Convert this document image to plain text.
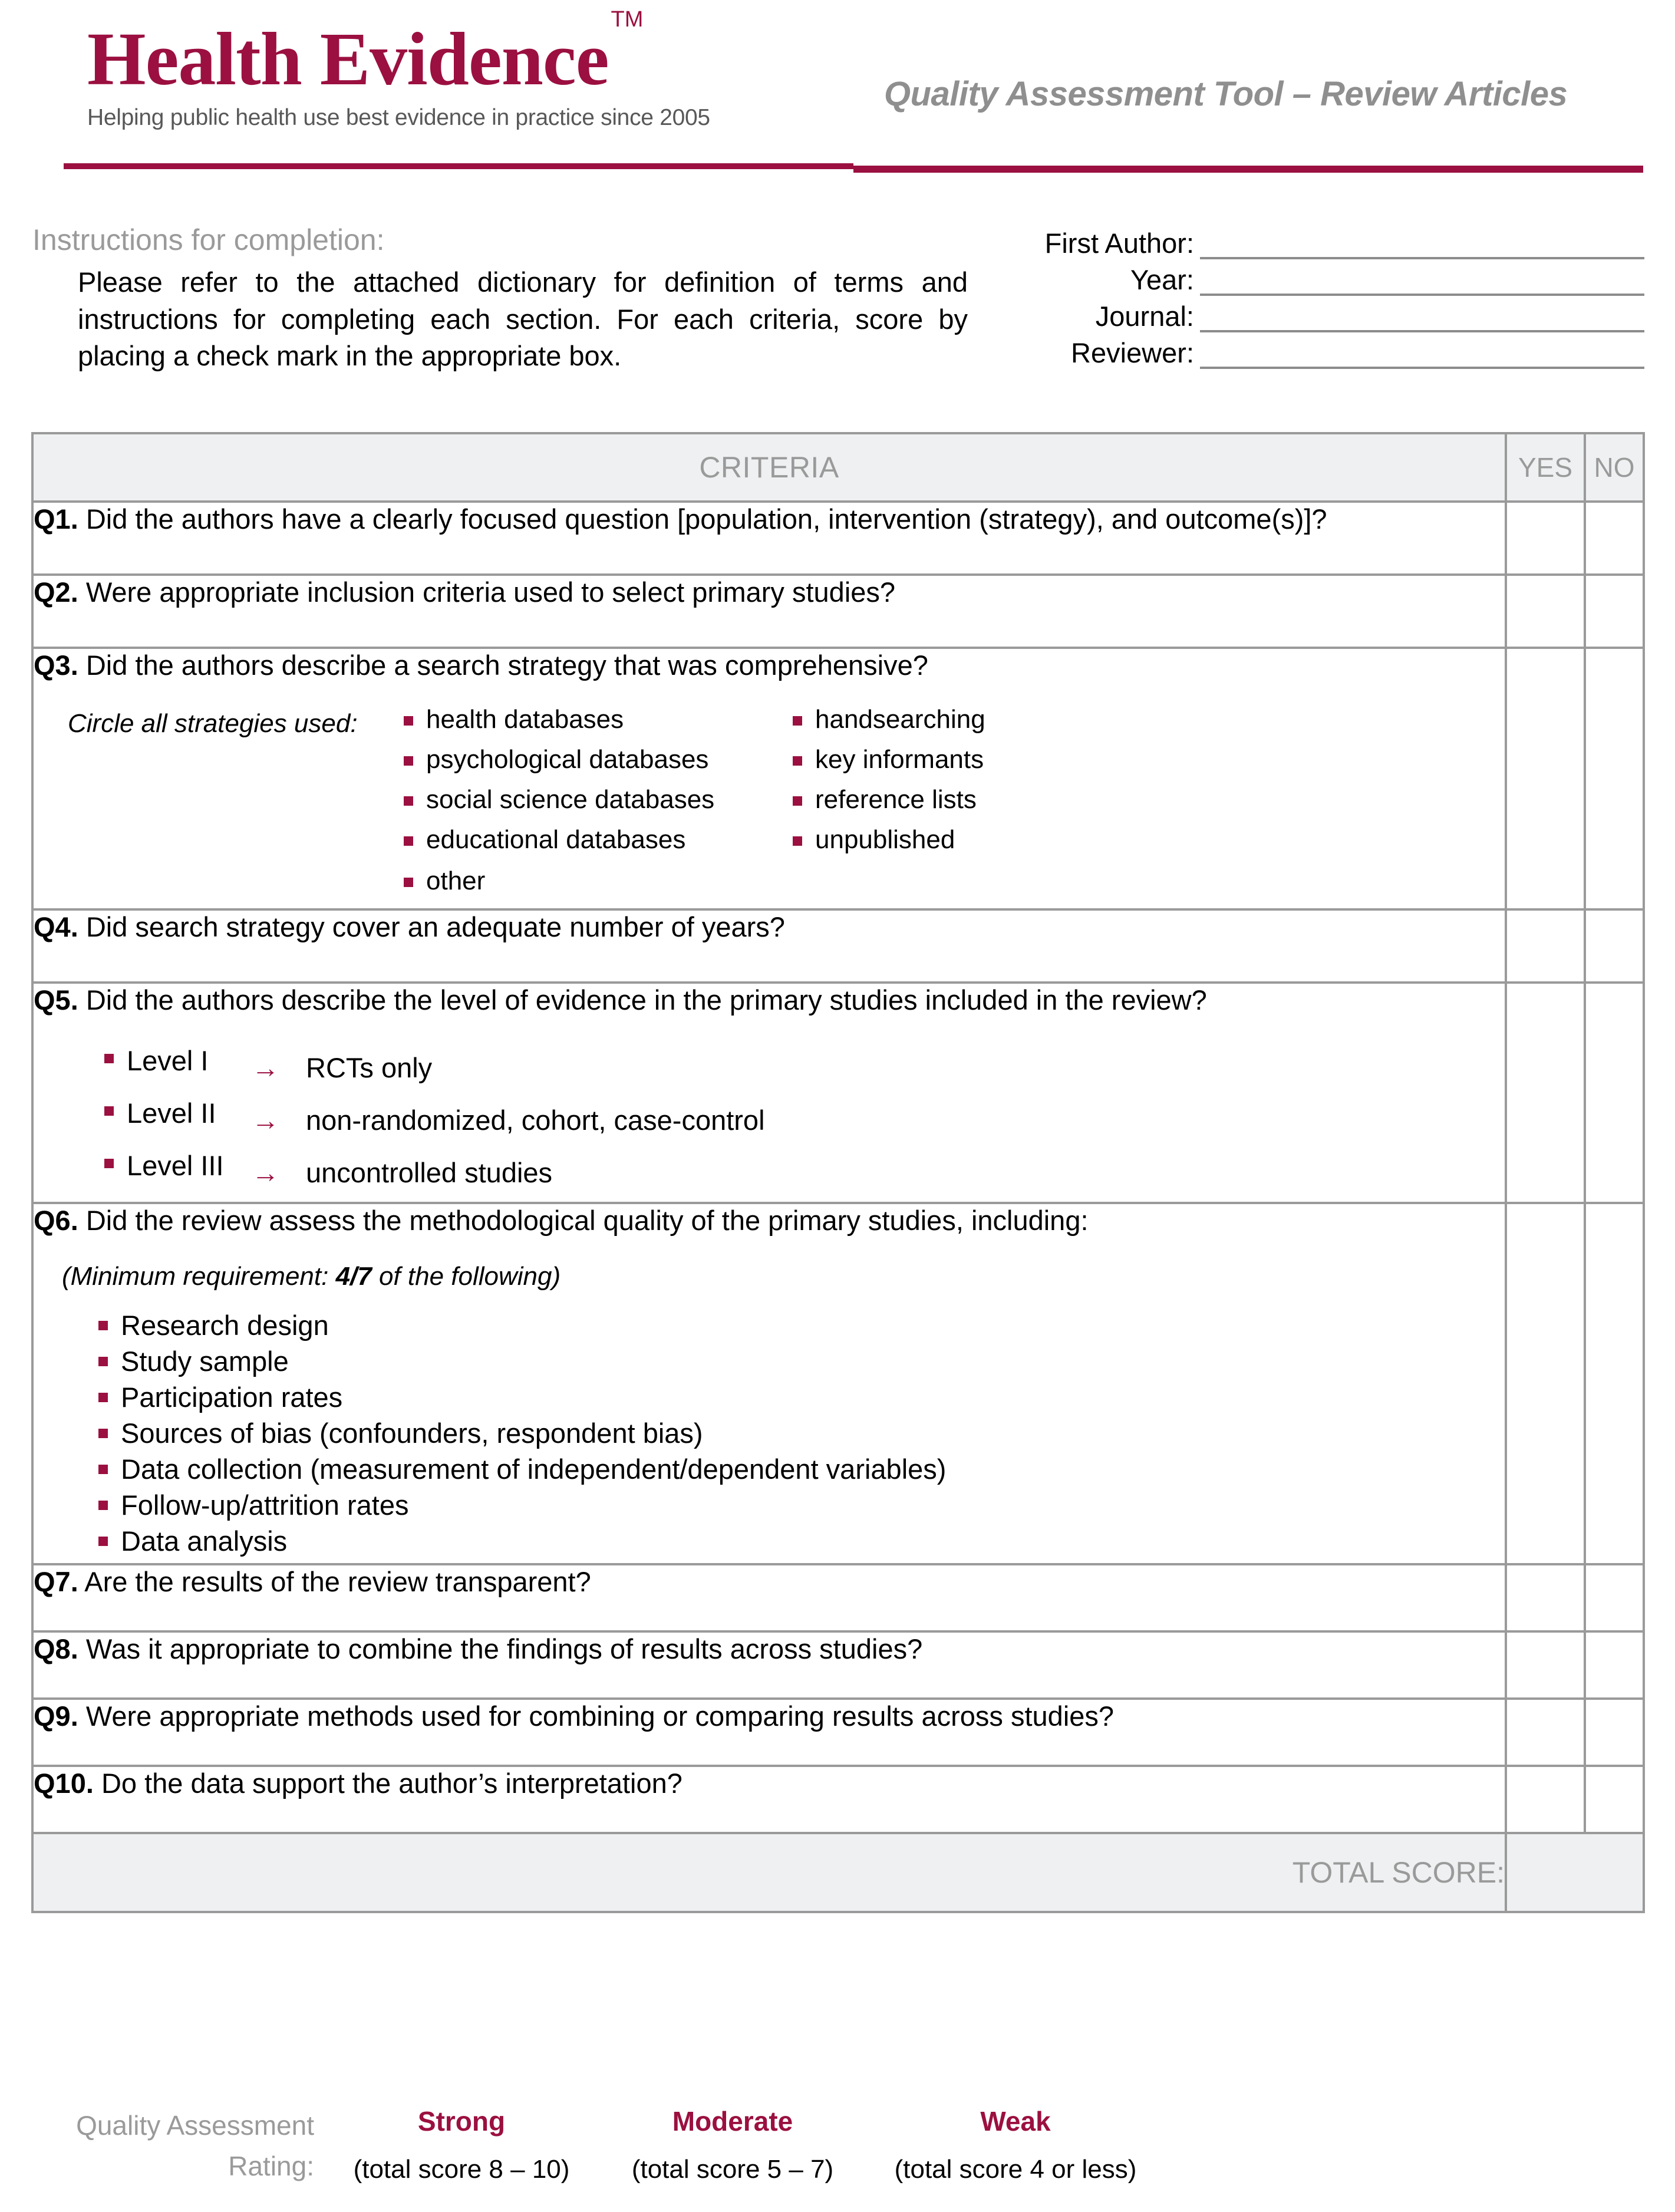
Health Evidence ™
Helping public health use best evidence in practice since 2005
Quality Assessment Tool – Review Articles
Instructions for completion:
Please refer to the attached dictionary for definition of terms and instructions for completing each section. For each criteria, score by placing a check mark in the appropriate box.
First Author:
Year:
Journal:
Reviewer:
CRITERIA	YES	NO

Q1. Did the authors have a clearly focused question [population, intervention (strategy), and outcome(s)]?		

Q2. Were appropriate inclusion criteria used to select primary studies?		

Q3. Did the authors describe a search strategy that was comprehensive?
Circle all strategies used:	health databases
psychological databases
social science databases
educational databases
other
handsearching
key informants
reference lists
unpublished

Q4. Did search strategy cover an adequate number of years?		

Q5. Did the authors describe the level of evidence in the primary studies included in the review?
Level I → RCTs only
Level II → non-randomized, cohort, case-control
Level III → uncontrolled studies

Q6. Did the review assess the methodological quality of the primary studies, including:
(Minimum requirement: 4/7 of the following)
Research design
Study sample
Participation rates
Sources of bias (confounders, respondent bias)
Data collection (measurement of independent/dependent variables)
Follow-up/attrition rates
Data analysis

Q7. Are the results of the review transparent?		

Q8. Was it appropriate to combine the findings of results across studies?		

Q9. Were appropriate methods used for combining or comparing results across studies?		

Q10. Do the data support the author’s interpretation?		

TOTAL SCORE:		
Quality Assessment
Rating:
Strong
(total score 8 – 10)
Moderate
(total score 5 – 7)
Weak
(total score 4 or less)
